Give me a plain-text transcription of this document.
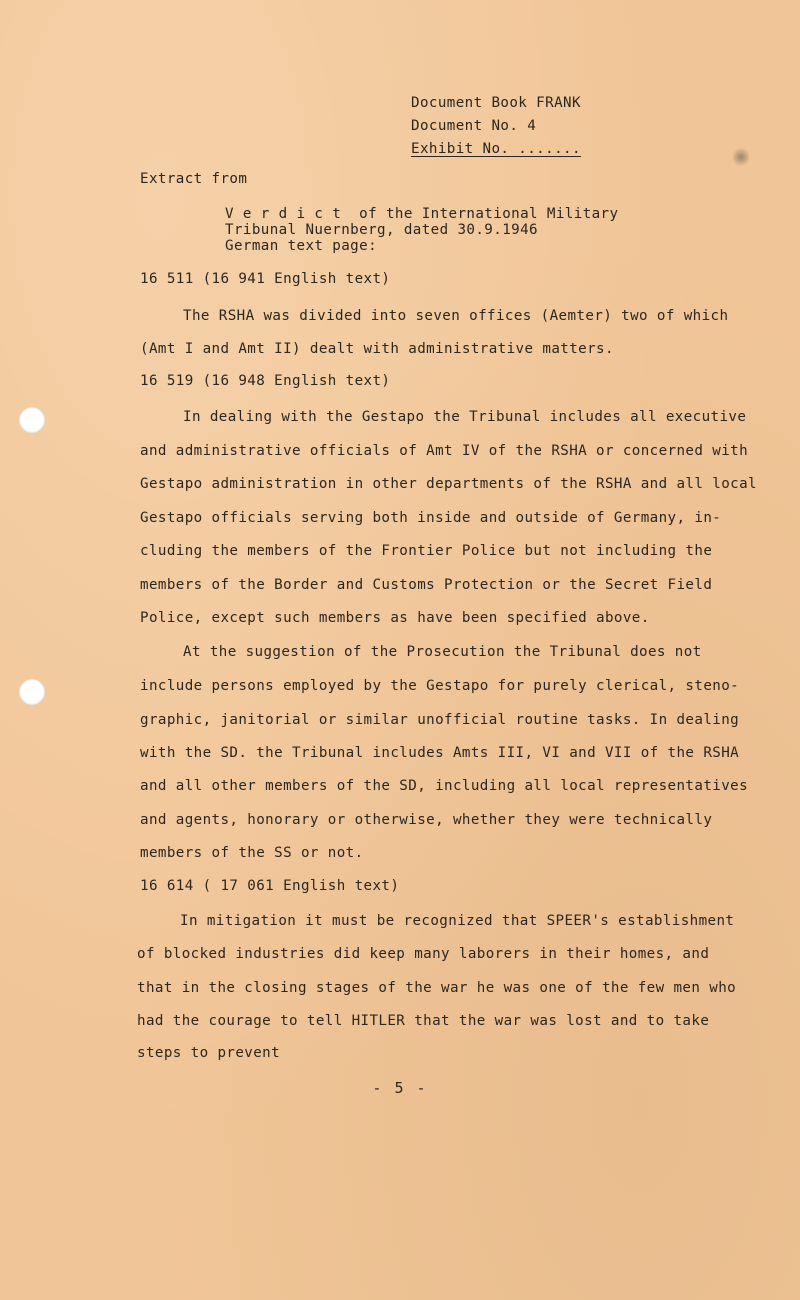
Document Book FRANK
Document No. 4
Exhibit No. .......
Extract from
V e r d i c t  of the International Military
Tribunal Nuernberg, dated 30.9.1946
German text page:
16 511 (16 941 English text)
The RSHA was divided into seven offices (Aemter) two of which
(Amt I and Amt II) dealt with administrative matters.
16 519 (16 948 English text)
In dealing with the Gestapo the Tribunal includes all executive
and administrative officials of Amt IV of the RSHA or concerned with
Gestapo administration in other departments of the RSHA and all local
Gestapo officials serving both inside and outside of Germany, in-
cluding the members of the Frontier Police but not including the
members of the Border and Customs Protection or the Secret Field
Police, except such members as have been specified above.
At the suggestion of the Prosecution the Tribunal does not
include persons employed by the Gestapo for purely clerical, steno-
graphic, janitorial or similar unofficial routine tasks. In dealing
with the SD. the Tribunal includes Amts III, VI and VII of the RSHA
and all other members of the SD, including all local representatives
and agents, honorary or otherwise, whether they were technically
members of the SS or not.
16 614 ( 17 061 English text)
In mitigation it must be recognized that SPEER's establishment
of blocked industries did keep many laborers in their homes, and
that in the closing stages of the war he was one of the few men who
had the courage to tell HITLER that the war was lost and to take
steps to prevent
- 5 -
